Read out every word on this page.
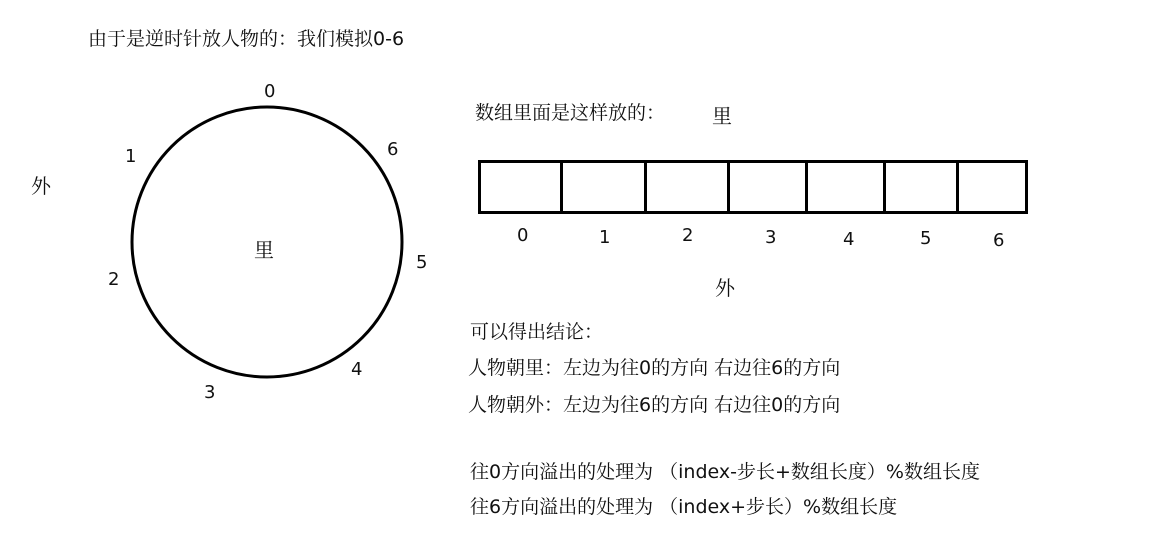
由于是逆时针放人物的：我们模拟0-6
外
里
0
1
2
3
4
5
6
数组里面是这样放的： 里
0	1	2	3	4	5	6
外
可以得出结论：
人物朝里：左边为往0的方向 右边往6的方向
人物朝外：左边为往6的方向 右边往0的方向
往0方向溢出的处理为 （index-步长+数组长度）%数组长度
往6方向溢出的处理为 （index+步长）%数组长度
